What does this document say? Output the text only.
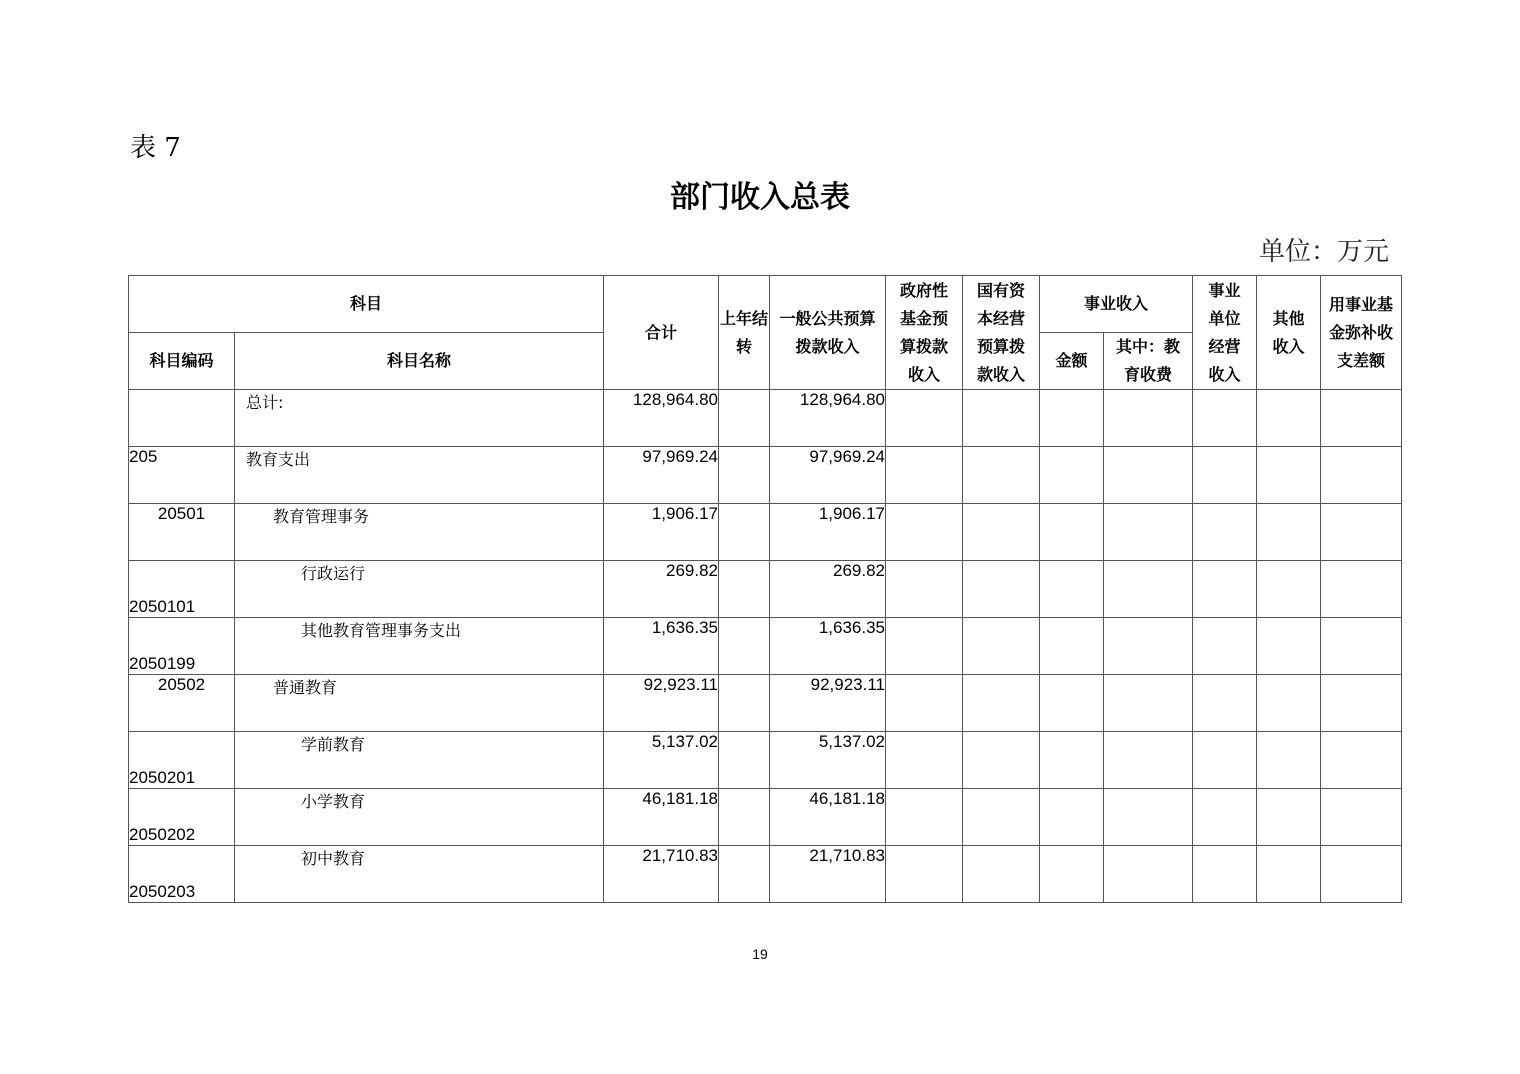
表 7
部门收入总表
单位：万元
科目		合计	上年结转	一般公共预算拨款收入	政府性基金预算拨款收入	国有资本经营预算拨款收入	事业收入		事业单位经营收入	其他收入	用事业基金弥补收支差额
科目编码	科目名称						金额	其中：教育收费			
	总计:	128,964.80		128,964.80							
205	教育支出	97,969.24		97,969.24							
20501	教育管理事务	1,906.17		1,906.17							
2050101	行政运行	269.82		269.82							
2050199	其他教育管理事务支出	1,636.35		1,636.35							
20502	普通教育	92,923.11		92,923.11							
2050201	学前教育	5,137.02		5,137.02							
2050202	小学教育	46,181.18		46,181.18							
2050203	初中教育	21,710.83		21,710.83							
19
